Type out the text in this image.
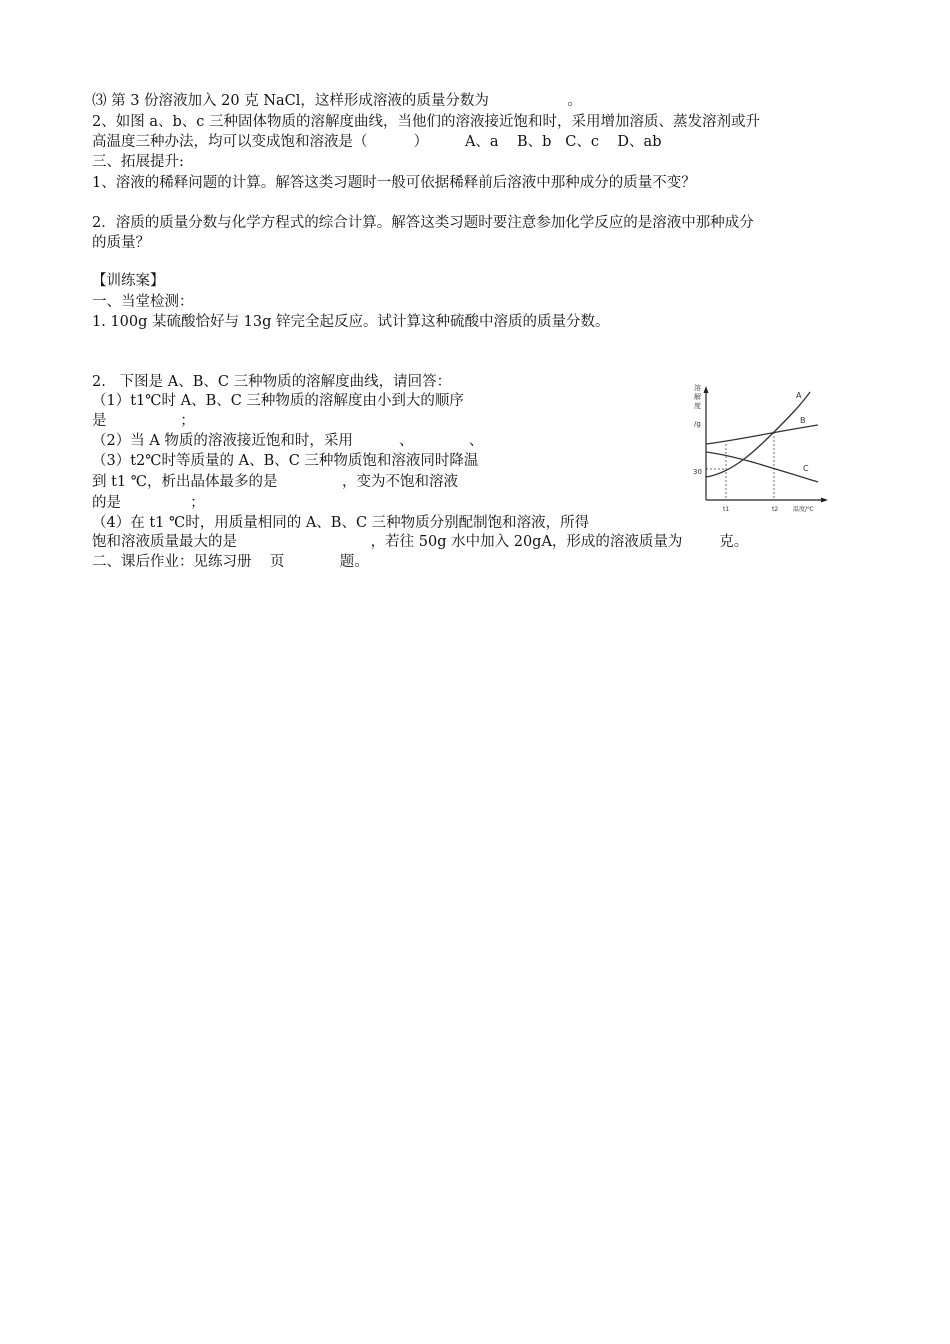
⑶ 第 3 份溶液加入 20 克 NaCl，这样形成溶液的质量分数为                 。
2、如图 a、b、c 三种固体物质的溶解度曲线，当他们的溶液接近饱和时，采用增加溶质、蒸发溶剂或升
高温度三种办法，均可以变成饱和溶液是（          ）        A、a    B、b   C、c    D、ab
三、拓展提升:
1、溶液的稀释问题的计算。解答这类习题时一般可依据稀释前后溶液中那种成分的质量不变？
2．溶质的质量分数与化学方程式的综合计算。解答这类习题时要注意参加化学反应的是溶液中那种成分
的质量？
【训练案】
一、当堂检测：
1. 100g 某硫酸恰好与 13g 锌完全起反应。试计算这种硫酸中溶质的质量分数。
2.   下图是 A、B、C 三种物质的溶解度曲线，请回答：
（1）t1℃时 A、B、C 三种物质的溶解度由小到大的顺序
是                ；
（2）当 A 物质的溶液接近饱和时，采用          、            、
（3）t2℃时等质量的 A、B、C 三种物质饱和溶液同时降温
到 t1 ℃，析出晶体最多的是              ，变为不饱和溶液
的是               ；
（4）在 t1 ℃时，用质量相同的 A、B、C 三种物质分别配制饱和溶液，所得
饱和溶液质量最大的是                             ，若往 50g 水中加入 20gA，形成的溶液质量为        克。
二、课后作业：见练习册    页            题。
溶
解
度
/g
30
t1	t2 温度/℃
A
B
C
